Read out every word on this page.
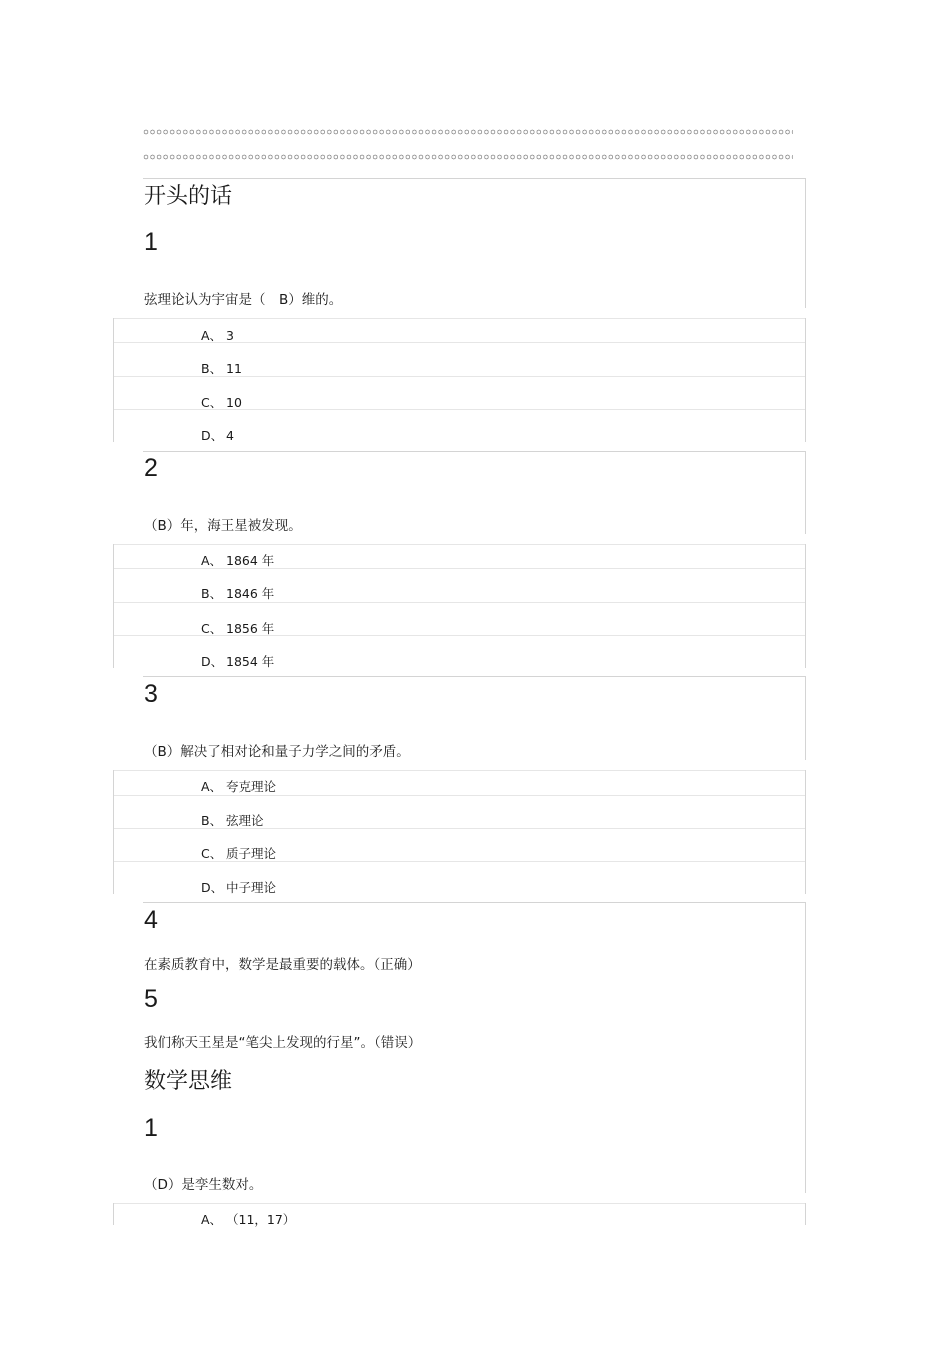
开头的话
1
弦理论认为宇宙是（　B）维的。
A、 3
B、 11
C、 10
D、 4
2
（B）年，海王星被发现。
A、 1864 年
B、 1846 年
C、 1856 年
D、 1854 年
3
（B）解决了相对论和量子力学之间的矛盾。
A、 夸克理论
B、 弦理论
C、 质子理论
D、 中子理论
4
在素质教育中，数学是最重要的载体。（正确）
5
我们称天王星是“笔尖上发现的行星”。（错误）
数学思维
1
（D）是孪生数对。
A、 （11，17）
